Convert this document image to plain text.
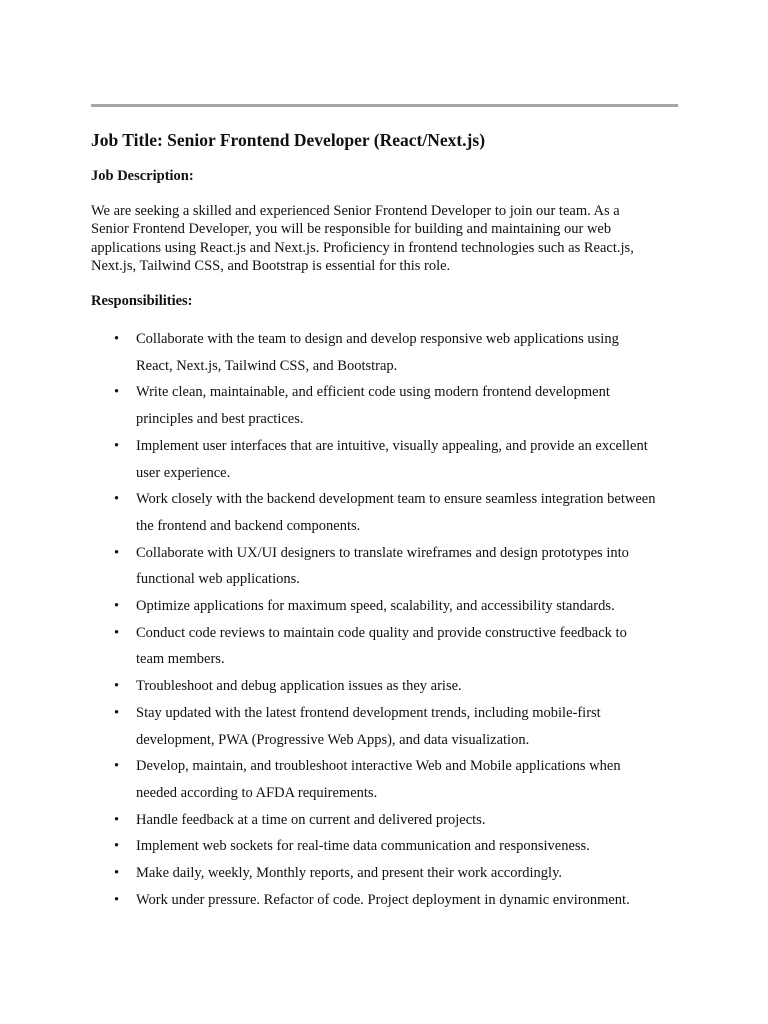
Job Title: Senior Frontend Developer (React/Next.js)
Job Description:

We are seeking a skilled and experienced Senior Frontend Developer to join our team. As a
Senior Frontend Developer, you will be responsible for building and maintaining our web
applications using React.js and Next.js. Proficiency in frontend technologies such as React.js,
Next.js, Tailwind CSS, and Bootstrap is essential for this role.

Responsibilities:
• Collaborate with the team to design and develop responsive web applications using
React, Next.js, Tailwind CSS, and Bootstrap.
• Write clean, maintainable, and efficient code using modern frontend development
principles and best practices.
• Implement user interfaces that are intuitive, visually appealing, and provide an excellent
user experience.
• Work closely with the backend development team to ensure seamless integration between
the frontend and backend components.
• Collaborate with UX/UI designers to translate wireframes and design prototypes into
functional web applications.
• Optimize applications for maximum speed, scalability, and accessibility standards.
• Conduct code reviews to maintain code quality and provide constructive feedback to
team members.
• Troubleshoot and debug application issues as they arise.
• Stay updated with the latest frontend development trends, including mobile-first
development, PWA (Progressive Web Apps), and data visualization.
• Develop, maintain, and troubleshoot interactive Web and Mobile applications when
needed according to AFDA requirements.
• Handle feedback at a time on current and delivered projects.
• Implement web sockets for real-time data communication and responsiveness.
• Make daily, weekly, Monthly reports, and present their work accordingly.
• Work under pressure. Refactor of code. Project deployment in dynamic environment.
